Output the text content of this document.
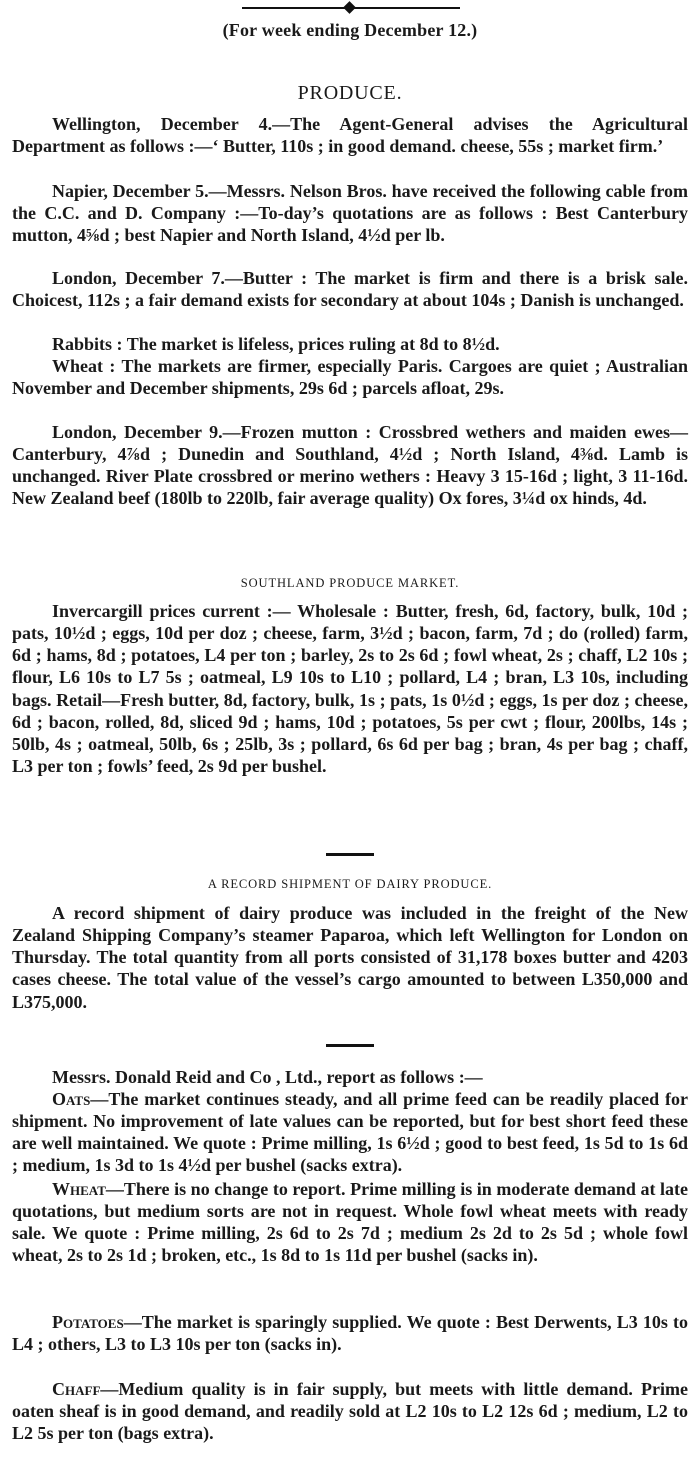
(For week ending December 12.)
PRODUCE.

Wellington, December 4.—The Agent-General advises the Agricultural Department as follows :—‘ Butter, 110s ; in good demand. cheese, 55s ; market firm.’

Napier, December 5.—Messrs. Nelson Bros. have received the following cable from the C.C. and D. Company :—To-day’s quotations are as follows : Best Canterbury mutton, 4⅝d ; best Napier and North Island, 4½d per lb.

London, December 7.—Butter : The market is firm and there is a brisk sale. Choicest, 112s ; a fair demand exists for secondary at about 104s ; Danish is unchanged.

Rabbits : The market is lifeless, prices ruling at 8d to 8½d.

Wheat : The markets are firmer, especially Paris. Cargoes are quiet ; Australian November and December shipments, 29s 6d ; parcels afloat, 29s.

London, December 9.—Frozen mutton : Crossbred wethers and maiden ewes—Canterbury, 4⅞d ; Dunedin and Southland, 4½d ; North Island, 4⅜d. Lamb is unchanged. River Plate crossbred or merino wethers : Heavy 3 15-16d ; light, 3 11-16d. New Zealand beef (180lb to 220lb, fair average quality) Ox fores, 3¼d ox hinds, 4d.

SOUTHLAND PRODUCE MARKET.

Invercargill prices current :— Wholesale : Butter, fresh, 6d, factory, bulk, 10d ; pats, 10½d ; eggs, 10d per doz ; cheese, farm, 3½d ; bacon, farm, 7d ; do (rolled) farm, 6d ; hams, 8d ; potatoes, L4 per ton ; barley, 2s to 2s 6d ; fowl wheat, 2s ; chaff, L2 10s ; flour, L6 10s to L7 5s ; oatmeal, L9 10s to L10 ; pollard, L4 ; bran, L3 10s, including bags. Retail—Fresh butter, 8d, factory, bulk, 1s ; pats, 1s 0½d ; eggs, 1s per doz ; cheese, 6d ; bacon, rolled, 8d, sliced 9d ; hams, 10d ; potatoes, 5s per cwt ; flour, 200lbs, 14s ; 50lb, 4s ; oatmeal, 50lb, 6s ; 25lb, 3s ; pollard, 6s 6d per bag ; bran, 4s per bag ; chaff, L3 per ton ; fowls’ feed, 2s 9d per bushel.

A RECORD SHIPMENT OF DAIRY PRODUCE.

A record shipment of dairy produce was included in the freight of the New Zealand Shipping Company’s steamer Paparoa, which left Wellington for London on Thursday. The total quantity from all ports consisted of 31,178 boxes butter and 4203 cases cheese. The total value of the vessel’s cargo amounted to between L350,000 and L375,000.

Messrs. Donald Reid and Co , Ltd., report as follows :—

Oats—The market continues steady, and all prime feed can be readily placed for shipment. No improvement of late values can be reported, but for best short feed these are well maintained. We quote : Prime milling, 1s 6½d ; good to best feed, 1s 5d to 1s 6d ; medium, 1s 3d to 1s 4½d per bushel (sacks extra).

Wheat—There is no change to report. Prime milling is in moderate demand at late quotations, but medium sorts are not in request. Whole fowl wheat meets with ready sale. We quote : Prime milling, 2s 6d to 2s 7d ; medium 2s 2d to 2s 5d ; whole fowl wheat, 2s to 2s 1d ; broken, etc., 1s 8d to 1s 11d per bushel (sacks in).

Potatoes—The market is sparingly supplied. We quote : Best Derwents, L3 10s to L4 ; others, L3 to L3 10s per ton (sacks in).

Chaff—Medium quality is in fair supply, but meets with little demand. Prime oaten sheaf is in good demand, and readily sold at L2 10s to L2 12s 6d ; medium, L2 to L2 5s per ton (bags extra).
